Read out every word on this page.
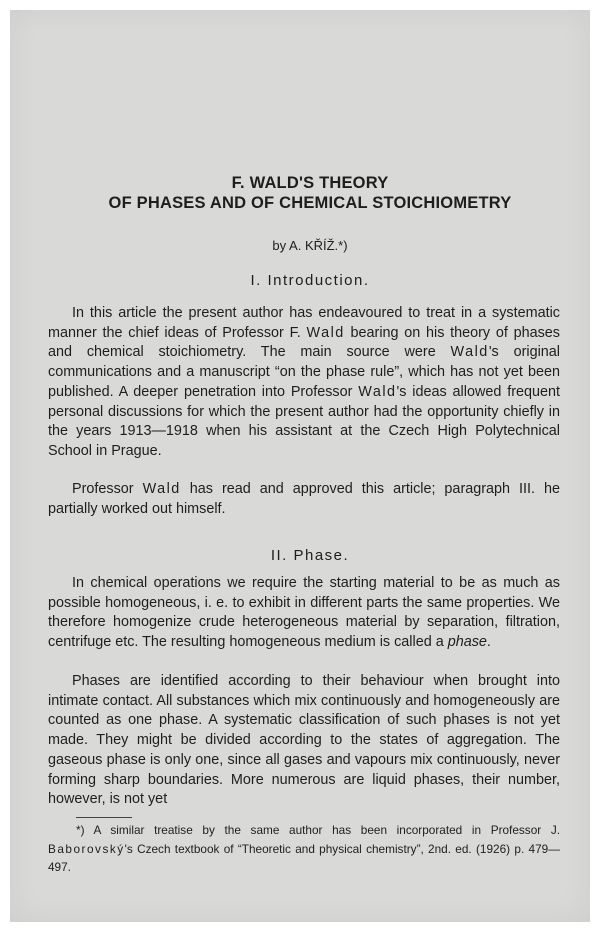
F. WALD'S THEORY
OF PHASES AND OF CHEMICAL STOICHIOMETRY
by A. KŘÍŽ.*)
I. Introduction.

In this article the present author has endeavoured to treat in a systematic manner the chief ideas of Professor F. Wald bearing on his theory of phases and chemical stoichiometry. The main source were Wald's original communications and a manuscript “on the phase rule”, which has not yet been published. A deeper penetration into Professor Wald's ideas allowed frequent personal discussions for which the present author had the opportunity chiefly in the years 1913—1918 when his assistant at the Czech High Polytechnical School in Prague.

Professor Wald has read and approved this article; paragraph III. he partially worked out himself.

II. Phase.

In chemical operations we require the starting material to be as much as possible homogeneous, i. e. to exhibit in different parts the same properties. We therefore homogenize crude heterogeneous material by separation, filtration, centrifuge etc. The resulting homogeneous medium is called a phase.

Phases are identified according to their behaviour when brought into intimate contact. All substances which mix continuously and homogeneously are counted as one phase. A systematic classification of such phases is not yet made. They might be divided according to the states of aggregation. The gaseous phase is only one, since all gases and vapours mix continuously, never forming sharp boundaries. More numerous are liquid phases, their number, however, is not yet

*) A similar treatise by the same author has been incorporated in Professor J. Baborovský's Czech textbook of “Theoretic and physical chemistry”, 2nd. ed. (1926) p. 479—497.
